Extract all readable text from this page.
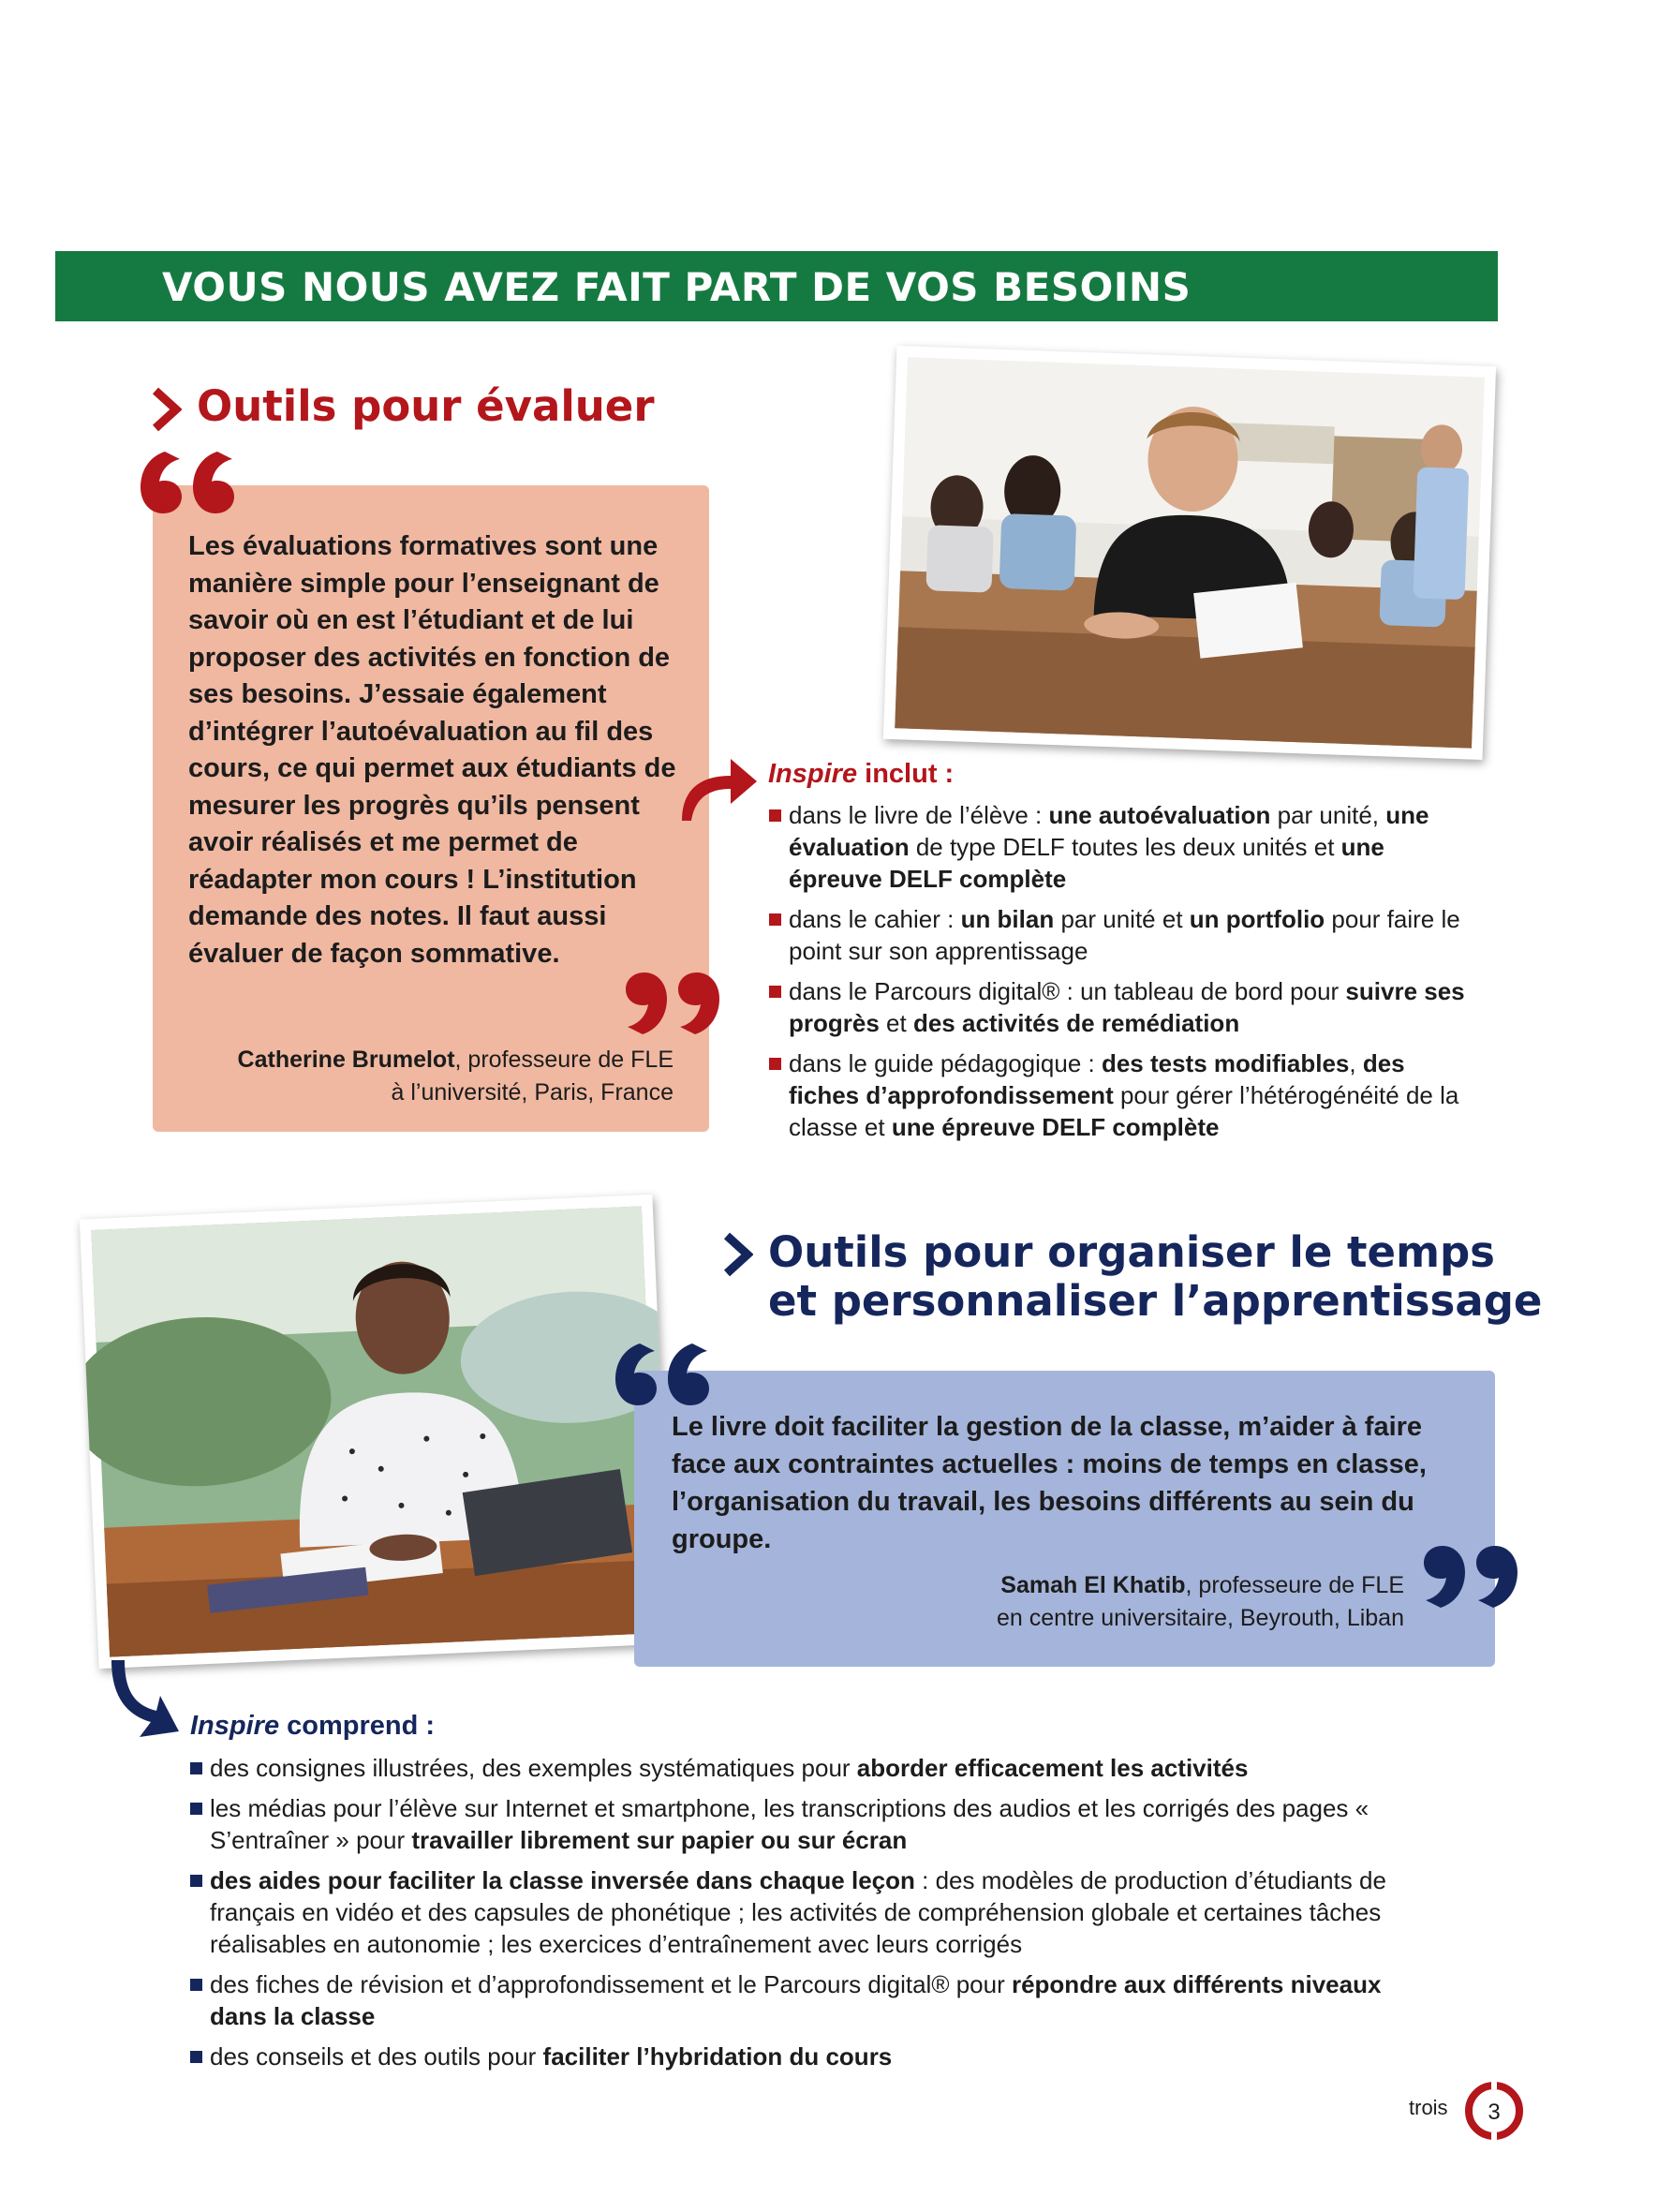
VOUS NOUS AVEZ FAIT PART DE VOS BESOINS
Outils pour évaluer
Les évaluations formatives sont une manière simple pour l’enseignant de savoir où en est l’étudiant et de lui proposer des activités en fonction de ses besoins. J’essaie également d’intégrer l’autoévaluation au fil des cours, ce qui permet aux étudiants de mesurer les progrès qu’ils pensent avoir réalisés et me permet de réadapter mon cours ! L’institution demande des notes. Il faut aussi évaluer de façon sommative.
Catherine Brumelot, professeure de FLE
à l’université, Paris, France
Inspire inclut :
dans le livre de l’élève : une autoévaluation par unité, une évaluation de type DELF toutes les deux unités et une épreuve DELF complète
dans le cahier : un bilan par unité et un portfolio pour faire le point sur son apprentissage
dans le Parcours digital® : un tableau de bord pour suivre ses progrès et des activités de remédiation
dans le guide pédagogique : des tests modifiables, des fiches d’approfondissement pour gérer l’hétérogénéité de la classe et une épreuve DELF complète
Outils pour organiser le temps
et personnaliser l’apprentissage
Le livre doit faciliter la gestion de la classe, m’aider à faire face aux contraintes actuelles : moins de temps en classe, l’organisation du travail, les besoins différents au sein du groupe.
Samah El Khatib, professeure de FLE
en centre universitaire, Beyrouth, Liban
Inspire comprend :
des consignes illustrées, des exemples systématiques pour aborder efficacement les activités
les médias pour l’élève sur Internet et smartphone, les transcriptions des audios et les corrigés des pages « S’entraîner » pour travailler librement sur papier ou sur écran
des aides pour faciliter la classe inversée dans chaque leçon : des modèles de production d’étudiants de français en vidéo et des capsules de phonétique ; les activités de compréhension globale et certaines tâches réalisables en autonomie ; les exercices d’entraînement avec leurs corrigés
des fiches de révision et d’approfondissement et le Parcours digital® pour répondre aux différents niveaux dans la classe
des conseils et des outils pour faciliter l’hybridation du cours
trois 3
